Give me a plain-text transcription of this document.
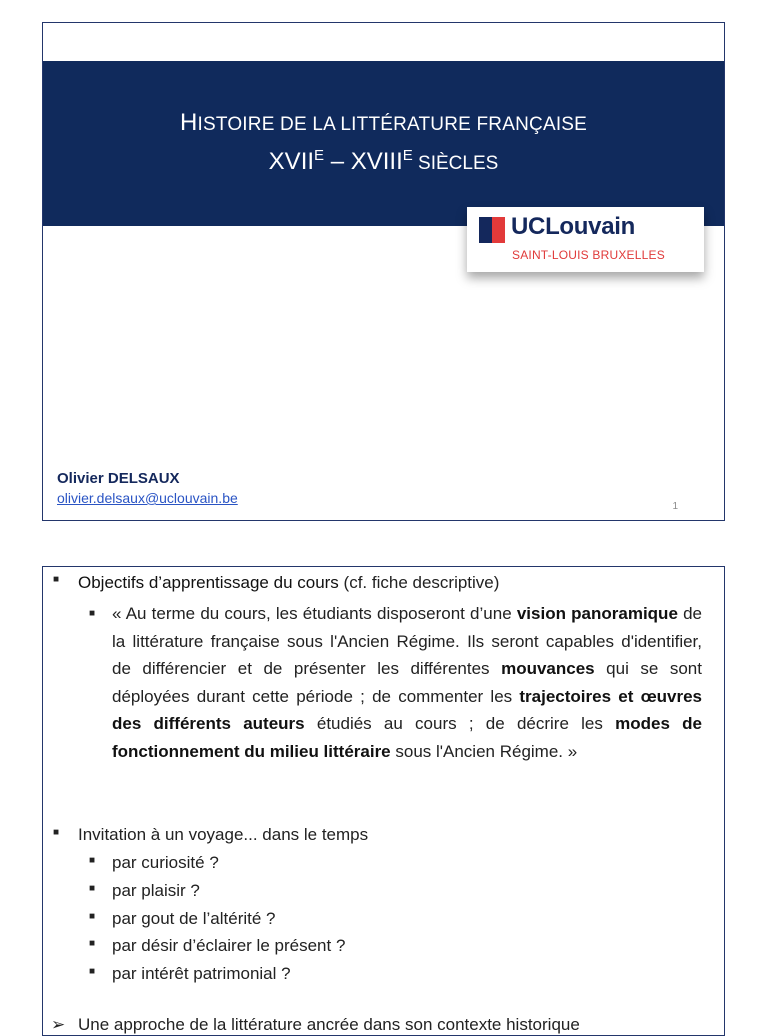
HISTOIRE DE LA LITTÉRATURE FRANÇAISE
$XVII^E$ – $XVIII^E$ SIÈCLES
UCLouvain
SAINT-LOUIS BRUXELLES
Olivier DELSAUX
olivier.delsaux@uclouvain.be
1
■ Objectifs d’apprentissage du cours (cf. fiche descriptive)
■ « Au terme du cours, les étudiants disposeront d’une vision panoramique de la littérature française sous l'Ancien Régime. Ils seront capables d'identifier, de différencier et de présenter les différentes mouvances qui se sont déployées durant cette période ; de commenter les trajectoires et œuvres des différents auteurs étudiés au cours ; de décrire les modes de fonctionnement du milieu littéraire sous l'Ancien Régime. »
■ Invitation à un voyage... dans le temps
■ par curiosité ?
■ par plaisir ?
■ par gout de l’altérité ?
■ par désir d’éclairer le présent ?
■ par intérêt patrimonial ?
➢ Une approche de la littérature ancrée dans son contexte historique
